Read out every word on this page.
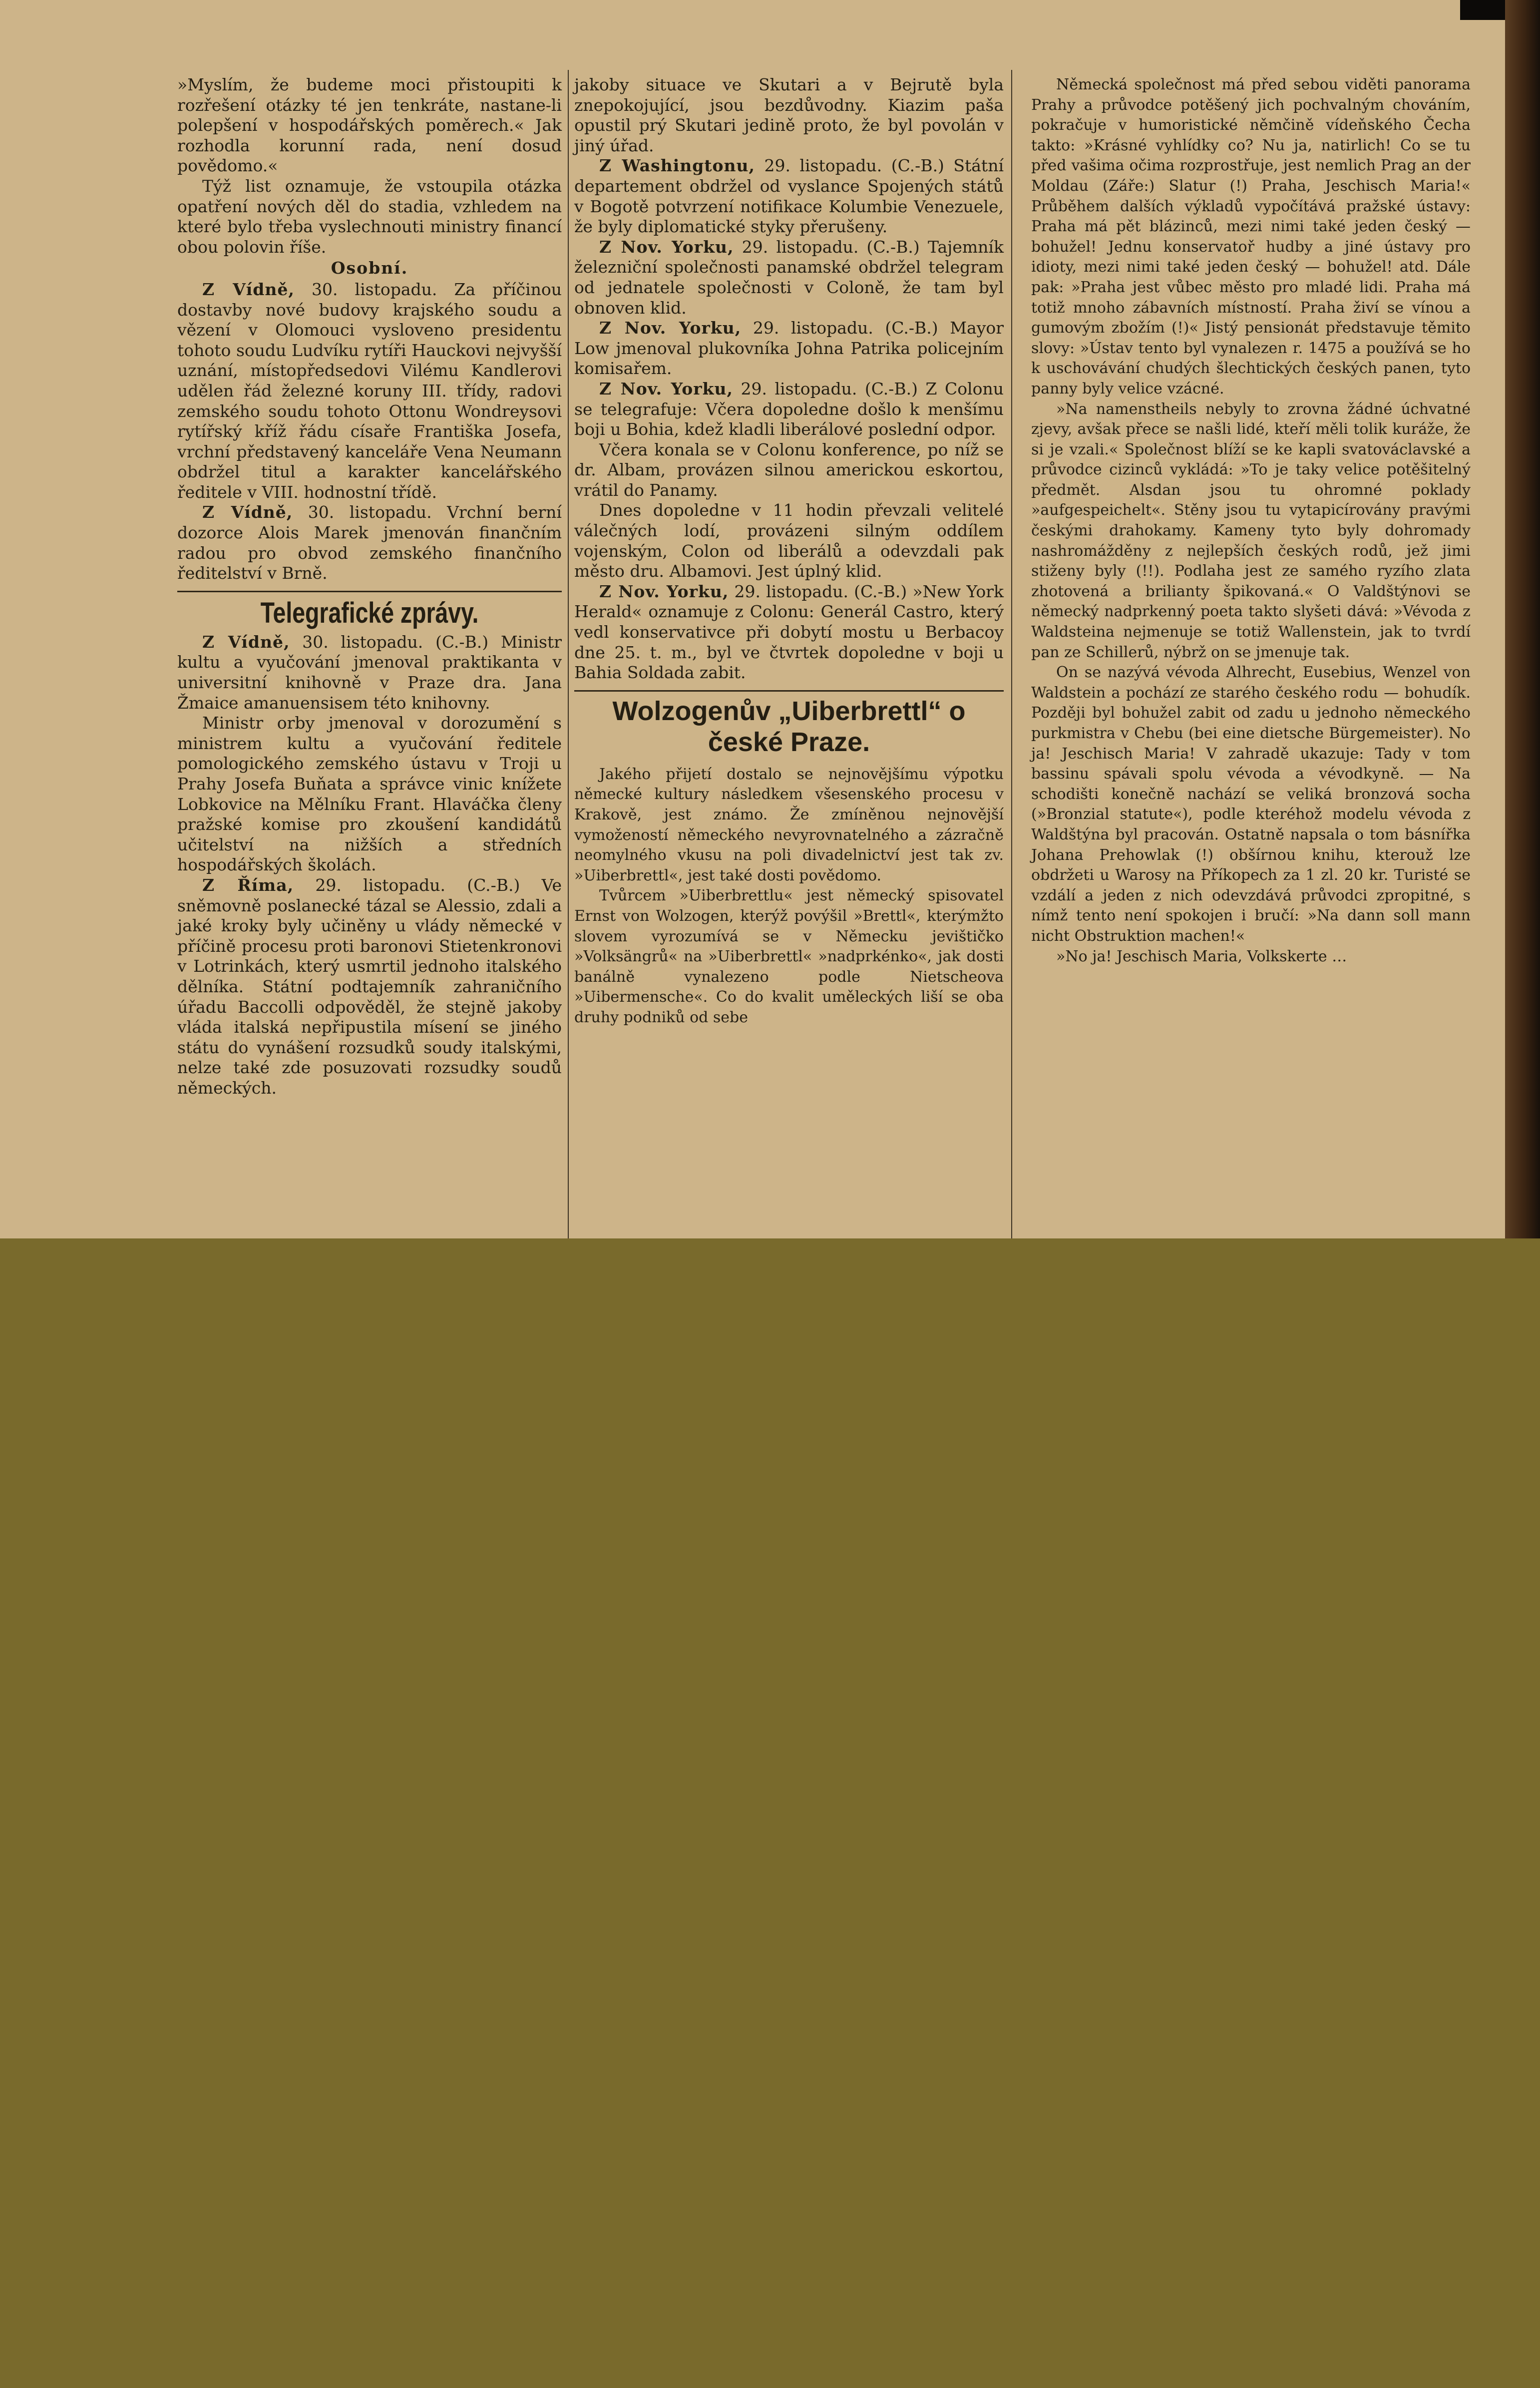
»Myslím, že budeme moci přistoupiti k rozřešení otázky té jen tenkráte, nastane-li polepšení v hospodářských poměrech.« Jak rozhodla korunní rada, není dosud povědomo.«

Týž list oznamuje, že vstoupila otázka opatření nových děl do stadia, vzhledem na které bylo třeba vyslechnouti ministry financí obou polovin říše.

Osobní.

Z Vídně, 30. listopadu. Za příčinou dostavby nové budovy krajského soudu a vězení v Olomouci vysloveno presidentu tohoto soudu Ludvíku rytíři Hauckovi nejvyšší uznání, místopředsedovi Vilému Kandlerovi udělen řád železné koruny III. třídy, radovi zemského soudu tohoto Ottonu Wondreysovi rytířský kříž řádu císaře Františka Josefa, vrchní představený kanceláře Vena Neumann obdržel titul a karakter kancelářského ředitele v VIII. hodnostní třídě.

Z Vídně, 30. listopadu. Vrchní berní dozorce Alois Marek jmenován finančním radou pro obvod zemského finančního ředitelství v Brně.

Telegrafické zprávy.

Z Vídně, 30. listopadu. (C.-B.) Ministr kultu a vyučování jmenoval praktikanta v universitní knihovně v Praze dra. Jana Žmaice amanuensisem této knihovny.

Ministr orby jmenoval v dorozumění s ministrem kultu a vyučování ředitele pomologického zemského ústavu v Troji u Prahy Josefa Buňata a správce vinic knížete Lobkovice na Mělníku Frant. Hlaváčka členy pražské komise pro zkoušení kandidátů učitelství na nižších a středních hospodářských školách.

Z Říma, 29. listopadu. (C.-B.) Ve sněmovně poslanecké tázal se Alessio, zdali a jaké kroky byly učiněny u vlády německé v příčině procesu proti baronovi Stietenkronovi v Lotrinkách, který usmrtil jednoho italského dělníka. Státní podtajemník zahraničního úřadu Baccolli odpověděl, že stejně jakoby vláda italská nepřipustila mísení se jiného státu do vynášení rozsudků soudy italskými, nelze také zde posuzovati rozsudky soudů německých.

jakoby situace ve Skutari a v Bejrutě byla znepokojující, jsou bezdůvodny. Kiazim paša opustil prý Skutari jedině proto, že byl povolán v jiný úřad.

Z Washingtonu, 29. listopadu. (C.-B.) Státní departement obdržel od vyslance Spojených států v Bogotě potvrzení notifikace Kolumbie Venezuele, že byly diplomatické styky přerušeny.

Z Nov. Yorku, 29. listopadu. (C.-B.) Tajemník železniční společnosti panamské obdržel telegram od jednatele společnosti v Coloně, že tam byl obnoven klid.

Z Nov. Yorku, 29. listopadu. (C.-B.) Mayor Low jmenoval plukovníka Johna Patrika policejním komisařem.

Z Nov. Yorku, 29. listopadu. (C.-B.) Z Colonu se telegrafuje: Včera dopoledne došlo k menšímu boji u Bohia, kdež kladli liberálové poslední odpor.

Včera konala se v Colonu konference, po níž se dr. Albam, provázen silnou americkou eskortou, vrátil do Panamy.

Dnes dopoledne v 11 hodin převzali velitelé válečných lodí, provázeni silným oddílem vojenským, Colon od liberálů a odevzdali pak město dru. Albamovi. Jest úplný klid.

Z Nov. Yorku, 29. listopadu. (C.-B.) »New York Herald« oznamuje z Colonu: Generál Castro, který vedl konservativce při dobytí mostu u Berbacoy dne 25. t. m., byl ve čtvrtek dopoledne v boji u Bahia Soldada zabit.

Wolzogenův „Uiberbrettl“ o české Praze.

Jakého přijetí dostalo se nejnovějšímu výpotku německé kultury následkem všesenského procesu v Krakově, jest známo. Že zmíněnou nejnovější vymožeností německého nevyrovnatelného a zázračně neomylného vkusu na poli divadelnictví jest tak zv. »Uiberbrettl«, jest také dosti povědomo.

Tvůrcem »Uiberbrettlu« jest německý spisovatel Ernst von Wolzogen, kterýž povýšil »Brettl«, kterýmžto slovem vyrozumívá se v Německu jevištičko »Volksängrů« na »Uiberbrettl« »nadprkénko«, jak dosti banálně vynalezeno podle Nietscheova »Uibermensche«. Co do kvalit uměleckých liší se oba druhy podniků od sebe

Německá společnost má před sebou viděti panorama Prahy a průvodce potěšený jich pochvalným chováním, pokračuje v humoristické němčině vídeňského Čecha takto: »Krásné vyhlídky co? Nu ja, natirlich! Co se tu před vašima očima rozprostřuje, jest nemlich Prag an der Moldau (Záře:) Slatur (!) Praha, Jeschisch Maria!« Průběhem dalších výkladů vypočítává pražské ústavy: Praha má pět blázinců, mezi nimi také jeden český — bohužel! Jednu konservatoř hudby a jiné ústavy pro idioty, mezi nimi také jeden český — bohužel! atd. Dále pak: »Praha jest vůbec město pro mladé lidi. Praha má totiž mnoho zábavních místností. Praha živí se vínou a gumovým zbožím (!)« Jistý pensionát představuje těmito slovy: »Ústav tento byl vynalezen r. 1475 a používá se ho k uschovávání chudých šlechtických českých panen, tyto panny byly velice vzácné.

»Na namenstheils nebyly to zrovna žádné úchvatné zjevy, avšak přece se našli lidé, kteří měli tolik kuráže, že si je vzali.« Společnost blíží se ke kapli svatováclavské a průvodce cizinců vykládá: »To je taky velice potěšitelný předmět. Alsdan jsou tu ohromné poklady »aufgespeichelt«. Stěny jsou tu vytapicírovány pravými českými drahokamy. Kameny tyto byly dohromady nashromážděny z nejlepších českých rodů, jež jimi stiženy byly (!!). Podlaha jest ze samého ryzího zlata zhotovená a brilianty špikovaná.« O Valdštýnovi se německý nadprkenný poeta takto slyšeti dává: »Vévoda z Waldsteina nejmenuje se totiž Wallenstein, jak to tvrdí pan ze Schillerů, nýbrž on se jmenuje tak.

On se nazývá vévoda Alhrecht, Eusebius, Wenzel von Waldstein a pochází ze starého českého rodu — bohudík. Později byl bohužel zabit od zadu u jednoho německého purkmistra v Chebu (bei eine dietsche Bürgemeister). No ja! Jeschisch Maria! V zahradě ukazuje: Tady v tom bassinu spávali spolu vévoda a vévodkyně. — Na schodišti konečně nachází se veliká bronzová socha (»Bronzial statute«), podle kteréhož modelu vévoda z Waldštýna byl pracován. Ostatně napsala o tom básnířka Johana Prehowlak (!) obšírnou knihu, kterouž lze obdržeti u Warosy na Příkopech za 1 zl. 20 kr. Turisté se vzdálí a jeden z nich odevzdává průvodci zpropitné, s nímž tento není spokojen i bručí: »Na dann soll mann nicht Obstruktion machen!«

»No ja! Jeschisch Maria, Volkskerte …
